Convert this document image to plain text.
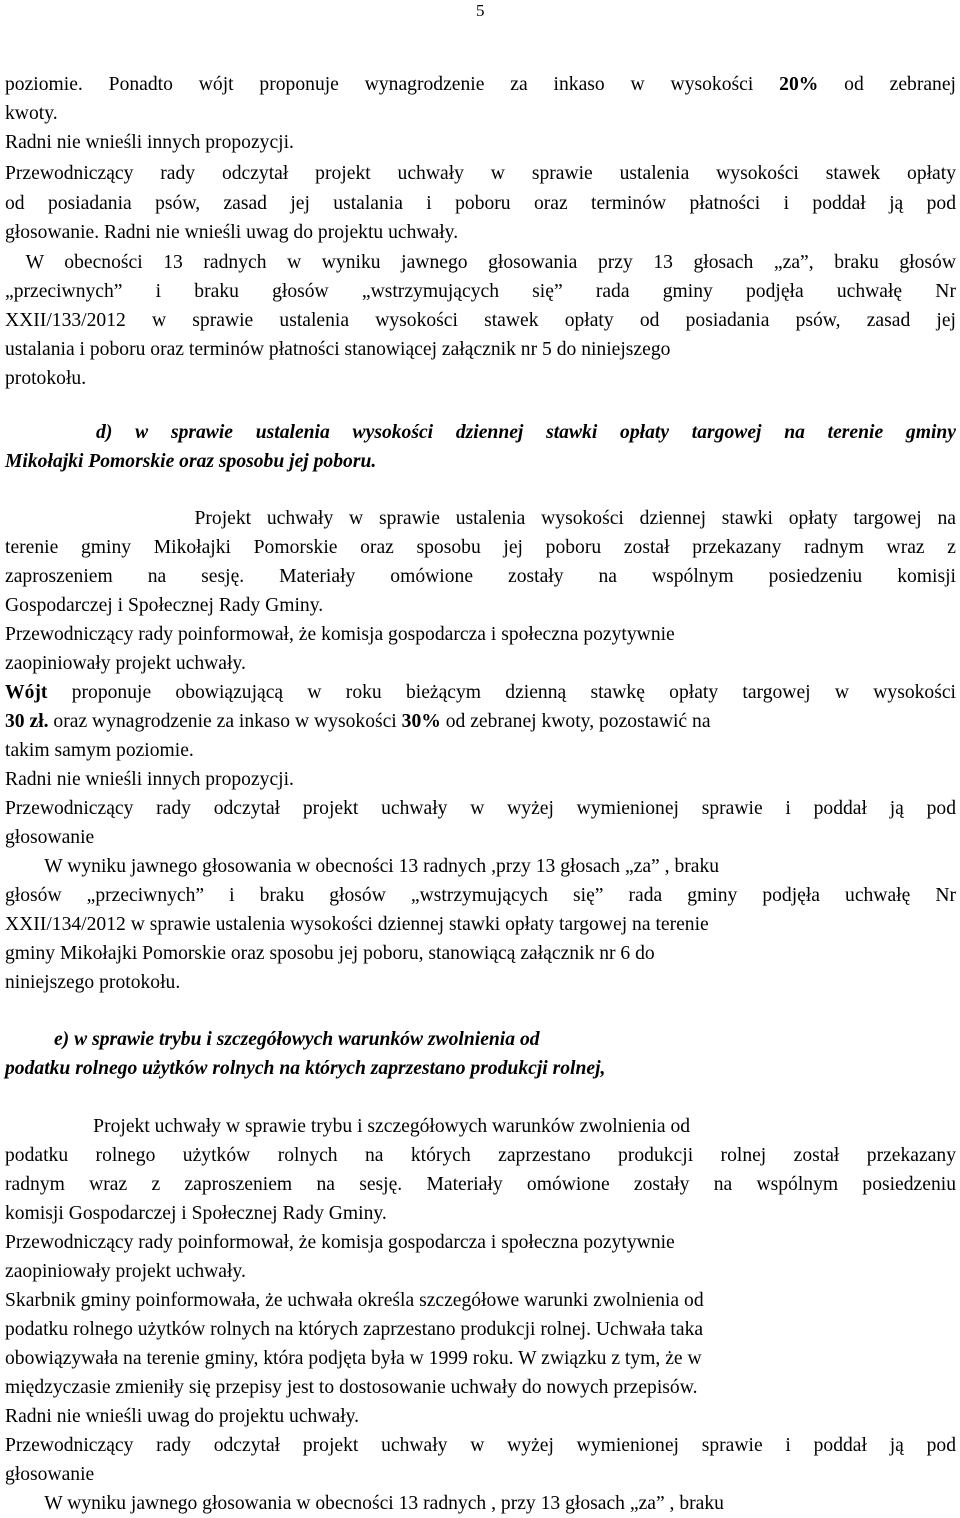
5
poziomie. Ponadto wójt proponuje wynagrodzenie za inkaso w wysokości 20% od zebranej
kwoty.
Radni nie wnieśli innych propozycji.
Przewodniczący rady odczytał projekt uchwały w sprawie ustalenia wysokości stawek opłaty
od posiadania psów, zasad jej ustalania i poboru oraz terminów płatności i poddał ją pod
głosowanie. Radni nie wnieśli uwag do projektu uchwały.
W obecności 13 radnych w wyniku jawnego głosowania przy 13 głosach „za”, braku głosów
„przeciwnych” i braku głosów „wstrzymujących się” rada gminy podjęła uchwałę Nr
XXII/133/2012 w sprawie ustalenia wysokości stawek opłaty od posiadania psów, zasad jej
ustalania i poboru oraz terminów płatności stanowiącej załącznik nr 5 do niniejszego
protokołu.
d) w sprawie ustalenia wysokości dziennej stawki opłaty targowej na terenie gminy
Mikołajki Pomorskie oraz sposobu jej poboru.
Projekt uchwały w sprawie ustalenia wysokości dziennej stawki opłaty targowej na
terenie gminy Mikołajki Pomorskie oraz sposobu jej poboru został przekazany radnym wraz z
zaproszeniem na sesję. Materiały omówione zostały na wspólnym posiedzeniu komisji
Gospodarczej i Społecznej Rady Gminy.
Przewodniczący rady poinformował, że komisja gospodarcza i społeczna pozytywnie
zaopiniowały projekt uchwały.
Wójt proponuje obowiązującą w roku bieżącym dzienną stawkę opłaty targowej w wysokości
30 zł. oraz wynagrodzenie za inkaso w wysokości 30% od zebranej kwoty, pozostawić na
takim samym poziomie.
Radni nie wnieśli innych propozycji.
Przewodniczący rady odczytał projekt uchwały w wyżej wymienionej sprawie i poddał ją pod
głosowanie
W wyniku jawnego głosowania w obecności 13 radnych ,przy 13 głosach „za” , braku
głosów „przeciwnych” i braku głosów „wstrzymujących się” rada gminy podjęła uchwałę Nr
XXII/134/2012 w sprawie ustalenia wysokości dziennej stawki opłaty targowej na terenie
gminy Mikołajki Pomorskie oraz sposobu jej poboru, stanowiącą załącznik nr 6 do
niniejszego protokołu.
e) w sprawie trybu i szczegółowych warunków zwolnienia od
podatku rolnego użytków rolnych na których zaprzestano produkcji rolnej,
Projekt uchwały w sprawie trybu i szczegółowych warunków zwolnienia od
podatku rolnego użytków rolnych na których zaprzestano produkcji rolnej został przekazany
radnym wraz z zaproszeniem na sesję. Materiały omówione zostały na wspólnym posiedzeniu
komisji Gospodarczej i Społecznej Rady Gminy.
Przewodniczący rady poinformował, że komisja gospodarcza i społeczna pozytywnie
zaopiniowały projekt uchwały.
Skarbnik gminy poinformowała, że uchwała określa szczegółowe warunki zwolnienia od
podatku rolnego użytków rolnych na których zaprzestano produkcji rolnej. Uchwała taka
obowiązywała na terenie gminy, która podjęta była w 1999 roku. W związku z tym, że w
międzyczasie zmieniły się przepisy jest to dostosowanie uchwały do nowych przepisów.
Radni nie wnieśli uwag do projektu uchwały.
Przewodniczący rady odczytał projekt uchwały w wyżej wymienionej sprawie i poddał ją pod
głosowanie
W wyniku jawnego głosowania w obecności 13 radnych , przy 13 głosach „za” , braku
